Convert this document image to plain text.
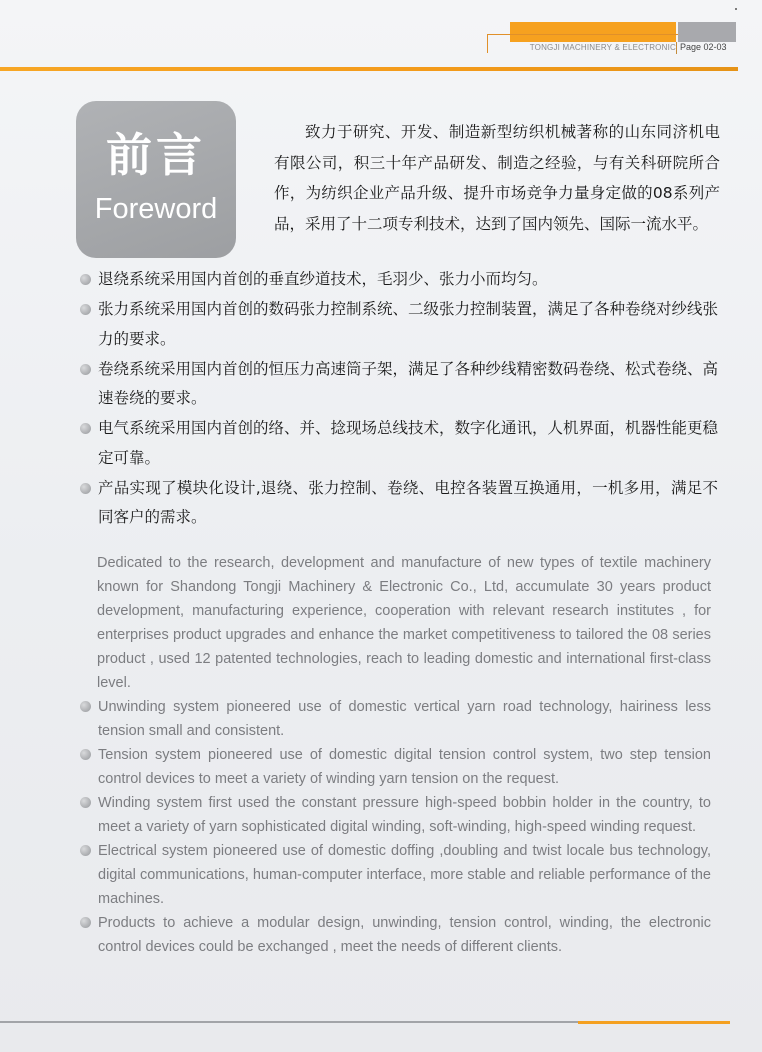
TONGJI MACHINERY & ELECTRONIC Page 02-03
前言
Foreword

致力于研究、开发、制造新型纺织机械著称的山东同济机电有限公司，积三十年产品研发、制造之经验，与有关科研院所合作，为纺织企业产品升级、提升市场竞争力量身定做的08系列产品，采用了十二项专利技术，达到了国内领先、国际一流水平。

退绕系统采用国内首创的垂直纱道技术，毛羽少、张力小而均匀。
张力系统采用国内首创的数码张力控制系统、二级张力控制装置，满足了各种卷绕对纱线张力的要求。
卷绕系统采用国内首创的恒压力高速筒子架，满足了各种纱线精密数码卷绕、松式卷绕、高速卷绕的要求。
电气系统采用国内首创的络、并、捻现场总线技术，数字化通讯，人机界面，机器性能更稳定可靠。
产品实现了模块化设计,退绕、张力控制、卷绕、电控各装置互换通用，一机多用，满足不同客户的需求。

Dedicated to the research, development and manufacture of new types of textile machinery known for Shandong Tongji Machinery & Electronic Co., Ltd, accumulate 30 years product development, manufacturing experience, cooperation with relevant research institutes , for enterprises product upgrades and enhance the market competitiveness to tailored the 08 series product , used 12 patented technologies, reach to leading domestic and international first-class level.

Unwinding system pioneered use of domestic vertical yarn road technology, hairiness less tension small and consistent.
Tension system pioneered use of domestic digital tension control system, two step tension control devices to meet a variety of winding yarn tension on the request.
Winding system first used the constant pressure high-speed bobbin holder in the country, to meet a variety of yarn sophisticated digital winding, soft-winding, high-speed winding request.
Electrical system pioneered use of domestic doffing ,doubling and twist locale bus technology, digital communications, human-computer interface, more stable and reliable performance of the machines.
Products to achieve a modular design, unwinding, tension control, winding, the electronic control devices could be exchanged , meet the needs of different clients.
